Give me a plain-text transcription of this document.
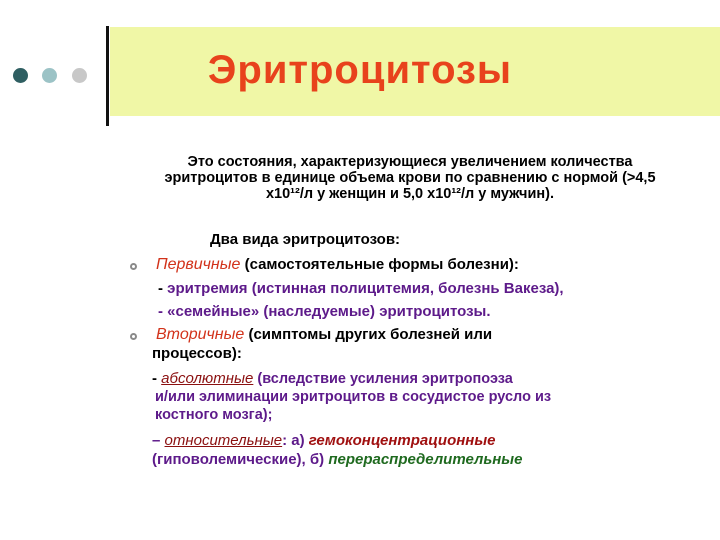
Эритроцитозы
Это состояния, характеризующиеся увеличением количества эритроцитов в единице объема крови по сравнению с нормой (>4,5 х10¹²/л у женщин и 5,0 х10¹²/л у мужчин).
Два вида эритроцитозов:
Первичные (самостоятельные формы болезни):
- эритремия (истинная полицитемия, болезнь Вакеза),
- «семейные» (наследуемые) эритроцитозы.
Вторичные (симптомы других болезней или
процессов):
- абсолютные (вследствие усиления эритропоэза
и/или элиминации эритроцитов в сосудистое русло из
костного мозга);
– относительные: а) гемоконцентрационные
(гиповолемические), б) перераспределительные
